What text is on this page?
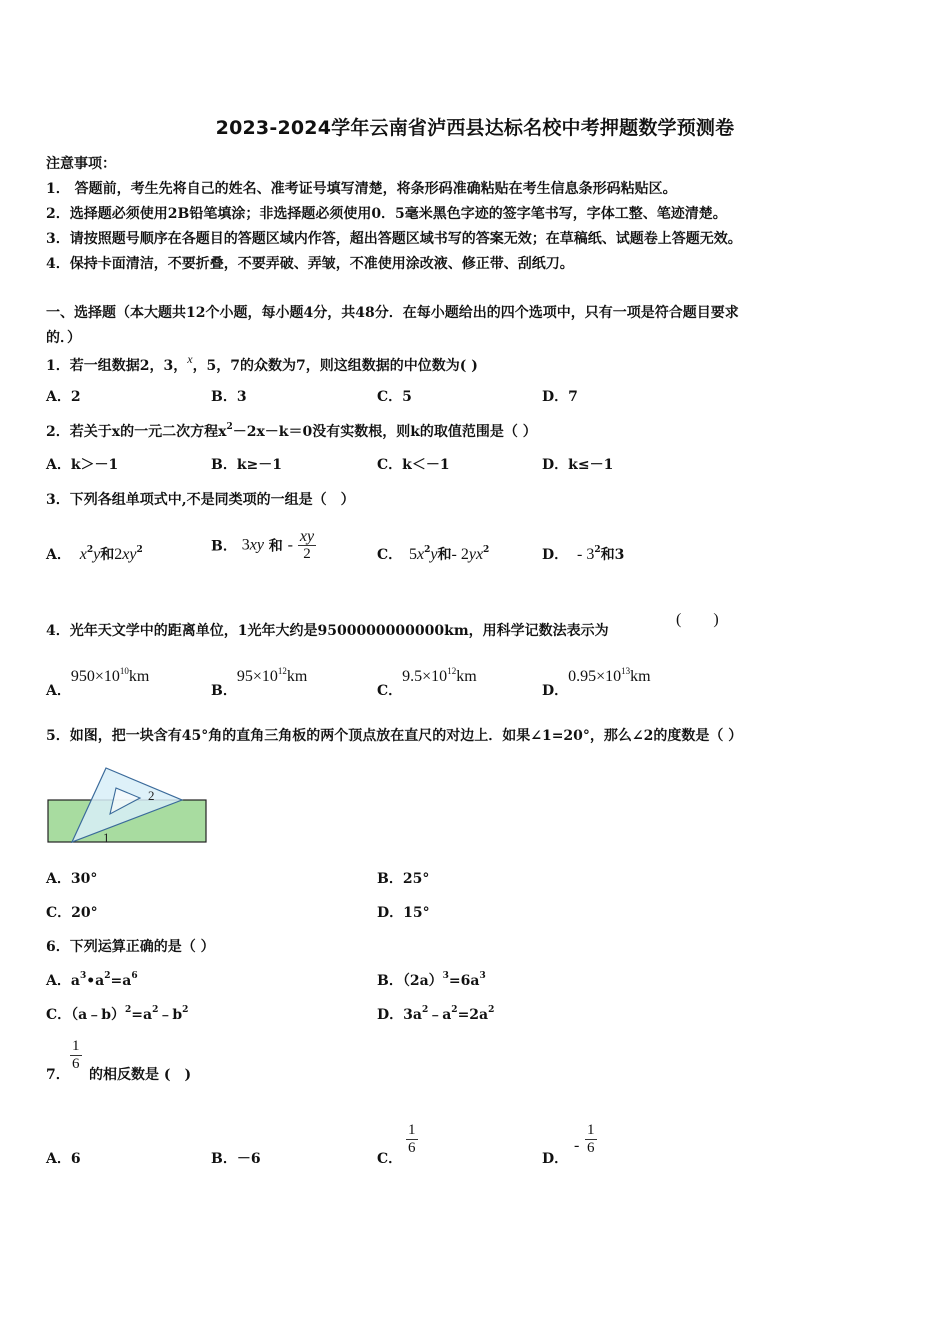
2023-2024学年云南省泸西县达标名校中考押题数学预测卷
注意事项：
1． 答题前，考生先将自己的姓名、准考证号填写清楚，将条形码准确粘贴在考生信息条形码粘贴区。
2．选择题必须使用2B铅笔填涂；非选择题必须使用0．5毫米黑色字迹的签字笔书写，字体工整、笔迹清楚。
3．请按照题号顺序在各题目的答题区域内作答，超出答题区域书写的答案无效；在草稿纸、试题卷上答题无效。
4．保持卡面清洁，不要折叠，不要弄破、弄皱，不准使用涂改液、修正带、刮纸刀。
一、选择题（本大题共12个小题，每小题4分，共48分．在每小题给出的四个选项中，只有一项是符合题目要求
的．）
1．若一组数据2，3，x，5，7的众数为7，则这组数据的中位数为( )
A．2	B．3	C．5	D．7
2．若关于x的一元二次方程$x^2-2x-k=0$没有实数根，则k的取值范围是（ ）
A．k＞－1	B．k≥－1	C．k＜－1	D．k≤－1
3．下列各组单项式中,不是同类项的一组是（　）
A． $x^2y$和$2xy^2$	B． 3xy 和 - $\frac{xy}{2}$	C． $5x^2y$和- $2yx^2$	D． - $3^2$和3
4．光年天文学中的距离单位，1光年大约是9500000000000km，用科学记数法表示为
(　　)
A．$950\times 10^{10}km$
B．$95\times 10^{12}km$
C．$9.5\times 10^{12}km$
D．$0.95\times 10^{13}km$
5．如图，把一块含有45°角的直角三角板的两个顶点放在直尺的对边上．如果∠1=20°，那么∠2的度数是（ ）
2
1
A．30°	B．25°
C．20°	D．15°
6．下列运算正确的是（ ）
A．$a^3•a^2=a^6$	B．$(2a)^3=6a^3$
C．$(a﹣b)^2=a^2﹣b^2$	D．$3a^2﹣a^2=2a^2$
7．
$\frac{1}{6}$
的相反数是 (　)
A．6	B．－6	C．
$\frac{1}{6}$
D．
- $\frac{1}{6}$
